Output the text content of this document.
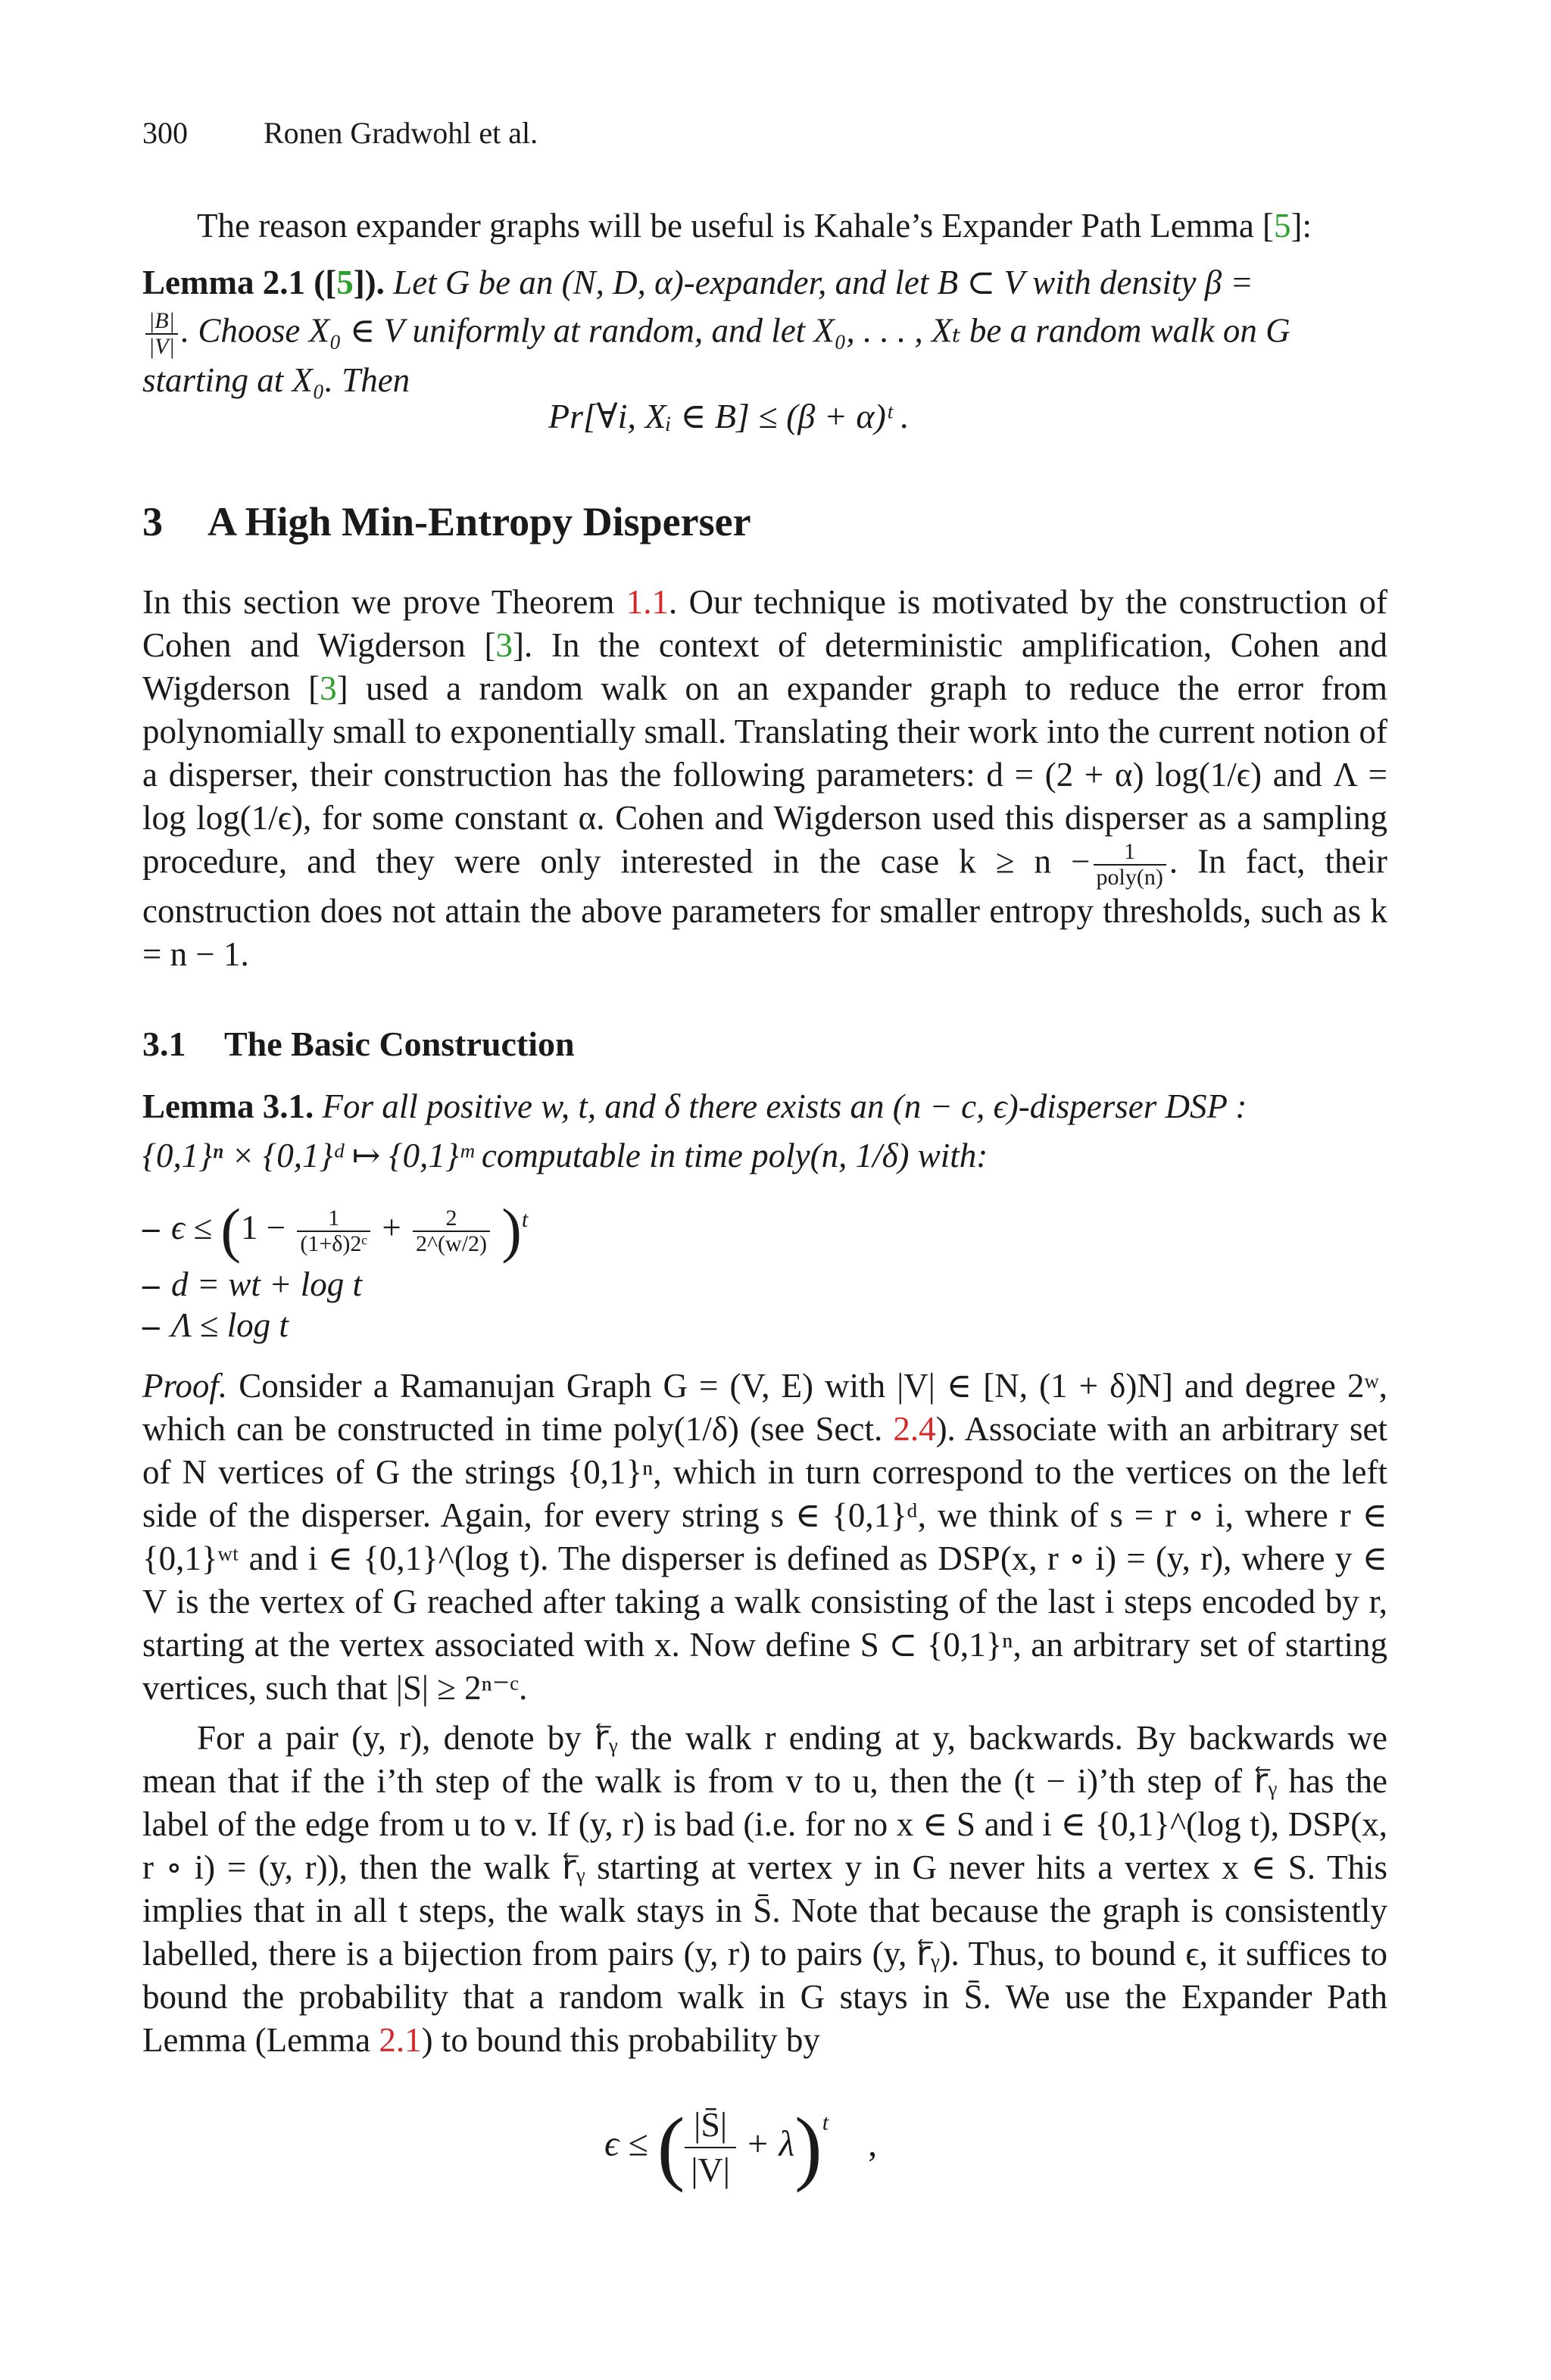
300	Ronen Gradwohl et al.
The reason expander graphs will be useful is Kahale’s Expander Path Lemma [5]:
Lemma 2.1 ([5]). Let G be an (N, D, α)-expander, and let B ⊂ V with density β =
$\frac{|B|}{|V|}$ . Choose X₀ ∈ V uniformly at random, and let X₀, . . . , Xₜ be a random walk on G
starting at X₀. Then
Pr[∀i, Xᵢ ∈ B] ≤ (β + α)ᵗ .
3 A High Min-Entropy Disperser
In this section we prove Theorem 1.1. Our technique is motivated by the construction of Cohen and Wigderson [3]. In the context of deterministic amplification, Cohen and Wigderson [3] used a random walk on an expander graph to reduce the error from polynomially small to exponentially small. Translating their work into the current notion of a disperser, their construction has the following parameters: d = (2 + α) log(1/ϵ) and Λ = log log(1/ϵ), for some constant α. Cohen and Wigderson used this disperser as a sampling procedure, and they were only interested in the case $k \ge n - \frac{1}{\text{poly(n)}}$ . In fact, their construction does not attain the above parameters for smaller entropy thresholds, such as k = n − 1.
3.1 The Basic Construction
Lemma 3.1. For all positive w, t, and δ there exists an (n − c, ϵ)-disperser DSP :
{0,1}ⁿ × {0,1}ᵈ ↦ {0,1}ᵐ computable in time poly(n, 1/δ) with:
– $\epsilon \le (1 - \frac{1}{\text{(1+δ)2ᶜ}} + \frac{2}{2\^{}(w/2)} )^t$
– d = wt + log t
– Λ ≤ log t
Proof. Consider a Ramanujan Graph G = (V, E) with |V| ∈ [N, (1 + δ)N] and degree 2ʷ, which can be constructed in time poly(1/δ) (see Sect. 2.4). Associate with an arbitrary set of N vertices of G the strings {0,1}ⁿ, which in turn correspond to the vertices on the left side of the disperser. Again, for every string s ∈ {0,1}ᵈ, we think of s = r ∘ i, where r ∈ {0,1}ʷᵗ and i ∈ {0,1}^(log t). The disperser is defined as DSP(x, r ∘ i) = (y, r), where y ∈ V is the vertex of G reached after taking a walk consisting of the last i steps encoded by r, starting at the vertex associated with x. Now define S ⊂ {0,1}ⁿ, an arbitrary set of starting vertices, such that |S| ≥ 2ⁿ⁻ᶜ.
For a pair (y, r), denote by r⃖ᵧ the walk r ending at y, backwards. By backwards we mean that if the i’th step of the walk is from v to u, then the (t − i)’th step of r⃖ᵧ has the label of the edge from u to v. If (y, r) is bad (i.e. for no x ∈ S and i ∈ {0,1}^(log t), DSP(x, r ∘ i) = (y, r)), then the walk r⃖ᵧ starting at vertex y in G never hits a vertex x ∈ S. This implies that in all t steps, the walk stays in S̄. Note that because the graph is consistently labelled, there is a bijection from pairs (y, r) to pairs (y, r⃖ᵧ). Thus, to bound ϵ, it suffices to bound the probability that a random walk in G stays in S̄. We use the Expander Path Lemma (Lemma 2.1) to bound this probability by
ϵ ≤ ( $\frac{|S̄|}{|V|} + \lambda)^t$ ,
